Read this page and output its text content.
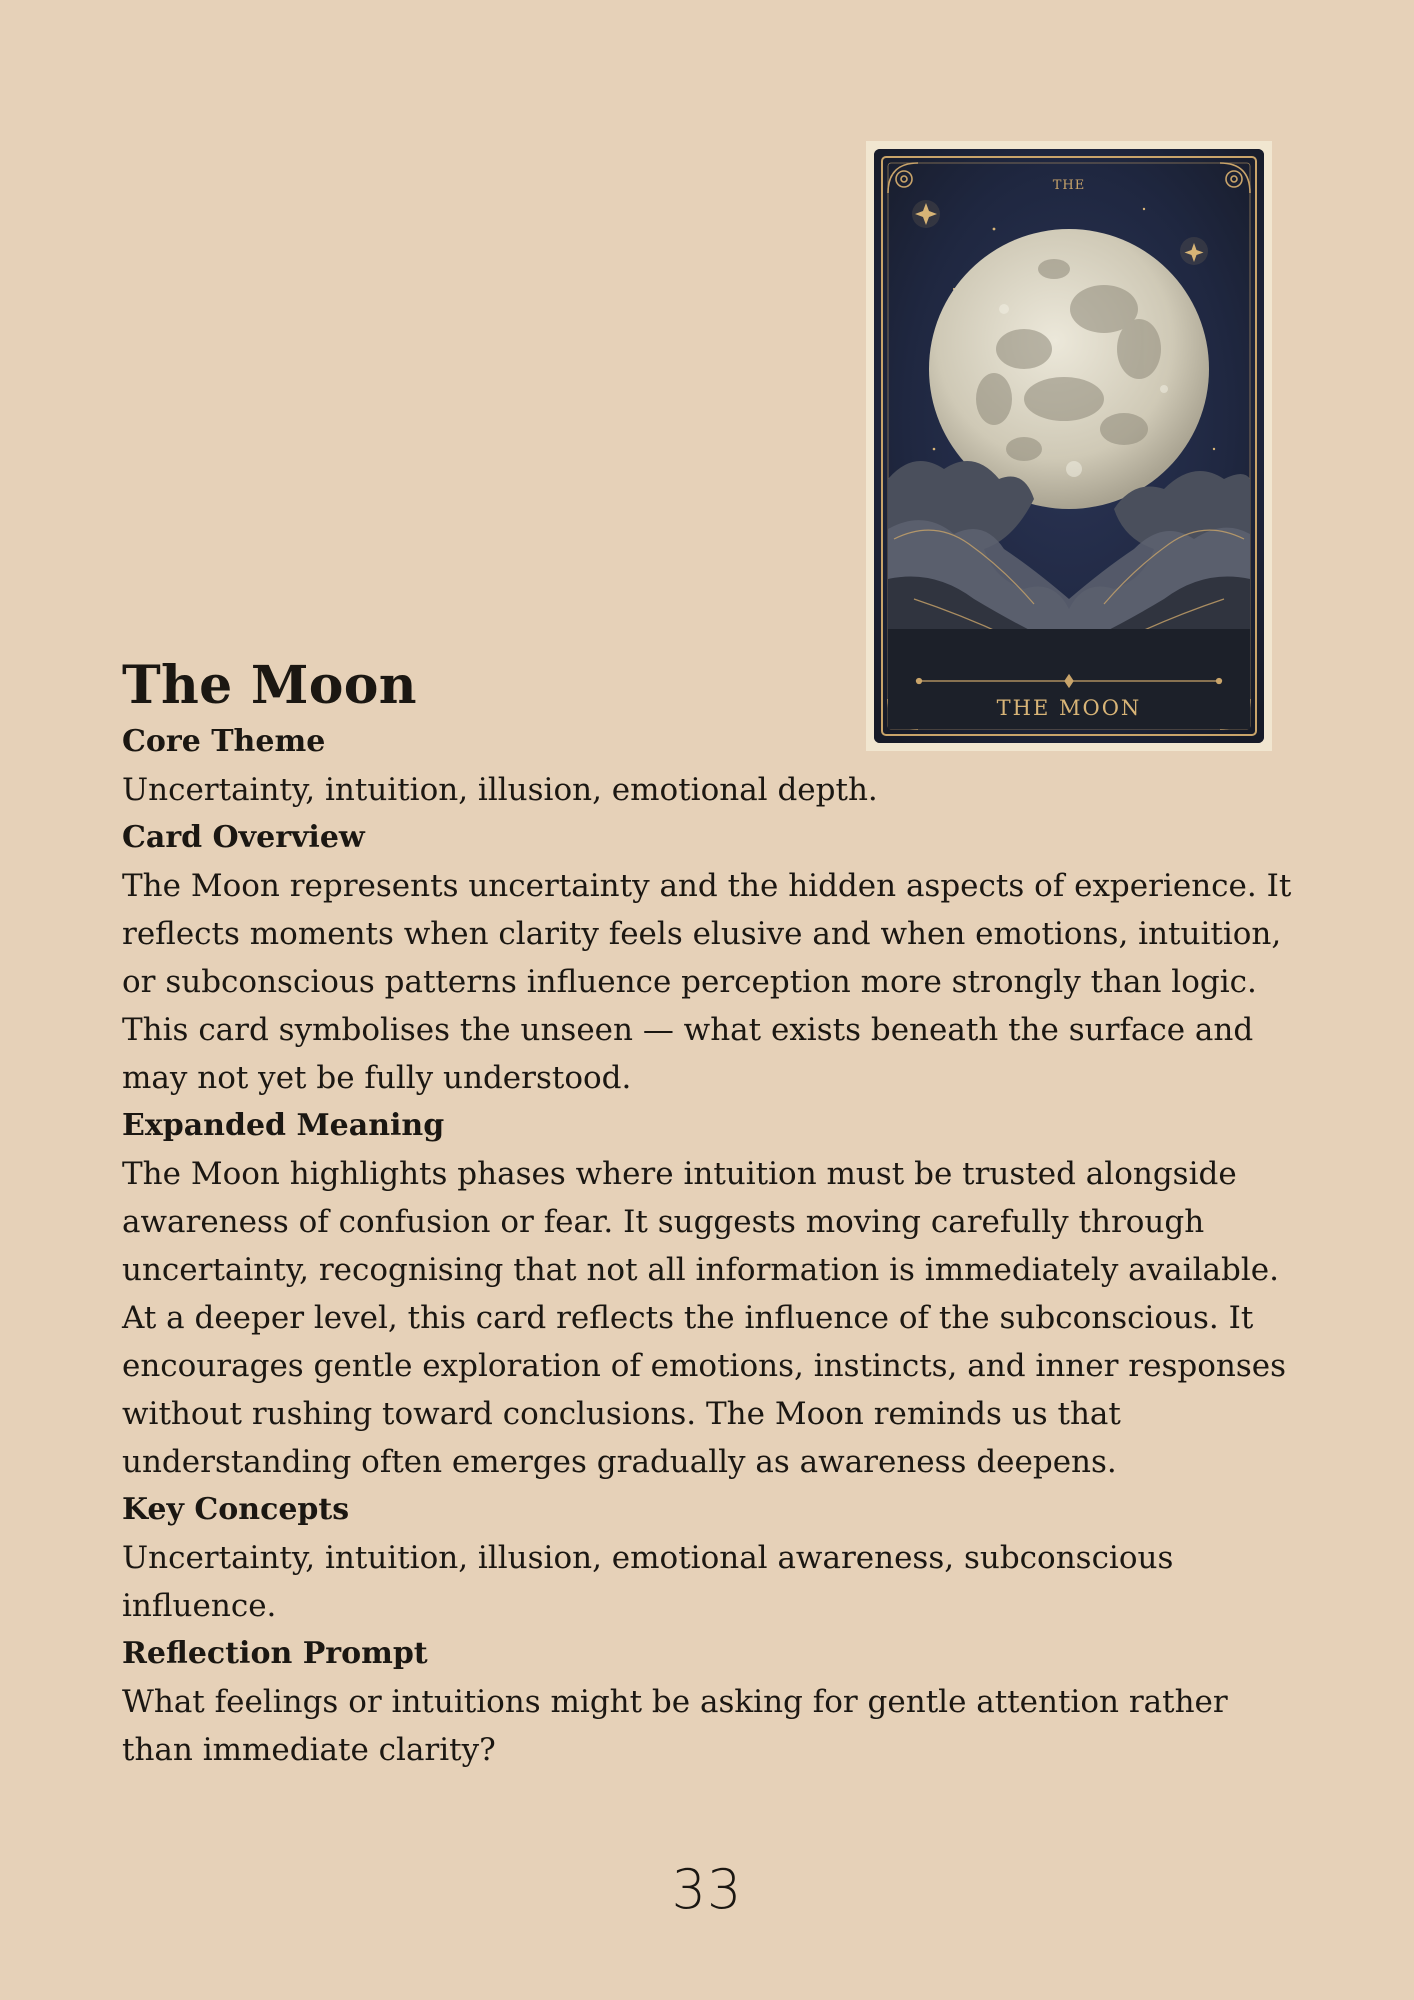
THE
THE MOON
The Moon

Core Theme

Uncertainty, intuition, illusion, emotional depth.

Card Overview

The Moon represents uncertainty and the hidden aspects of experience. It reflects moments when clarity feels elusive and when emotions, intuition, or subconscious patterns influence perception more strongly than logic. This card symbolises the unseen — what exists beneath the surface and may not yet be fully understood.

Expanded Meaning

The Moon highlights phases where intuition must be trusted alongside awareness of confusion or fear. It suggests moving carefully through uncertainty, recognising that not all information is immediately available. At a deeper level, this card reflects the influence of the subconscious. It encourages gentle exploration of emotions, instincts, and inner responses without rushing toward conclusions. The Moon reminds us that understanding often emerges gradually as awareness deepens.

Key Concepts

Uncertainty, intuition, illusion, emotional awareness, subconscious influence.

Reflection Prompt

What feelings or intuitions might be asking for gentle attention rather than immediate clarity?

33
